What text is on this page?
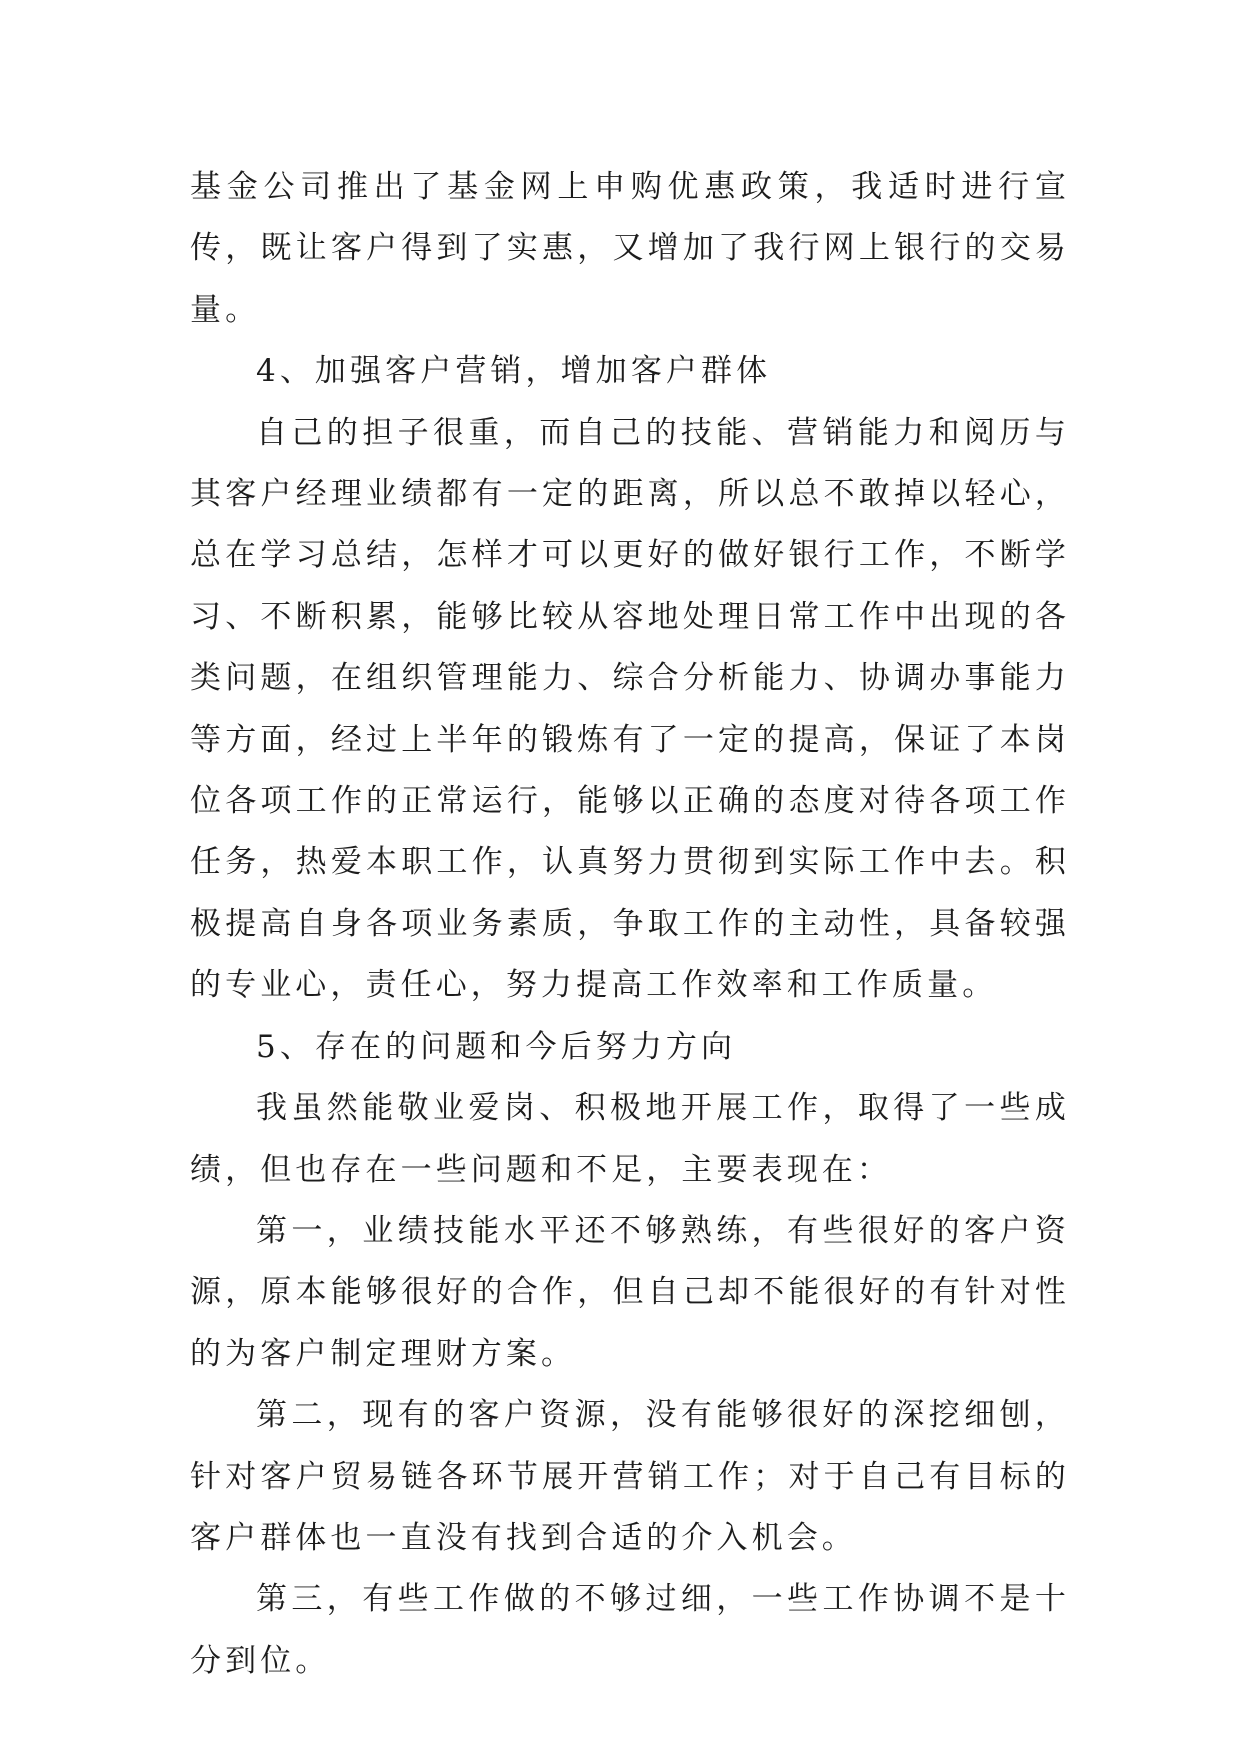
基金公司推出了基金网上申购优惠政策，我适时进行宣传，既让客户得到了实惠，又增加了我行网上银行的交易量。

4、加强客户营销，增加客户群体

自己的担子很重，而自己的技能、营销能力和阅历与其客户经理业绩都有一定的距离，所以总不敢掉以轻心，总在学习总结，怎样才可以更好的做好银行工作，不断学习、不断积累，能够比较从容地处理日常工作中出现的各类问题，在组织管理能力、综合分析能力、协调办事能力等方面，经过上半年的锻炼有了一定的提高，保证了本岗位各项工作的正常运行，能够以正确的态度对待各项工作任务，热爱本职工作，认真努力贯彻到实际工作中去。积极提高自身各项业务素质，争取工作的主动性，具备较强的专业心，责任心，努力提高工作效率和工作质量。

5、存在的问题和今后努力方向

我虽然能敬业爱岗、积极地开展工作，取得了一些成绩，但也存在一些问题和不足，主要表现在：

第一，业绩技能水平还不够熟练，有些很好的客户资源，原本能够很好的合作，但自己却不能很好的有针对性的为客户制定理财方案。

第二，现有的客户资源，没有能够很好的深挖细刨，针对客户贸易链各环节展开营销工作；对于自己有目标的客户群体也一直没有找到合适的介入机会。

第三，有些工作做的不够过细，一些工作协调不是十分到位。
